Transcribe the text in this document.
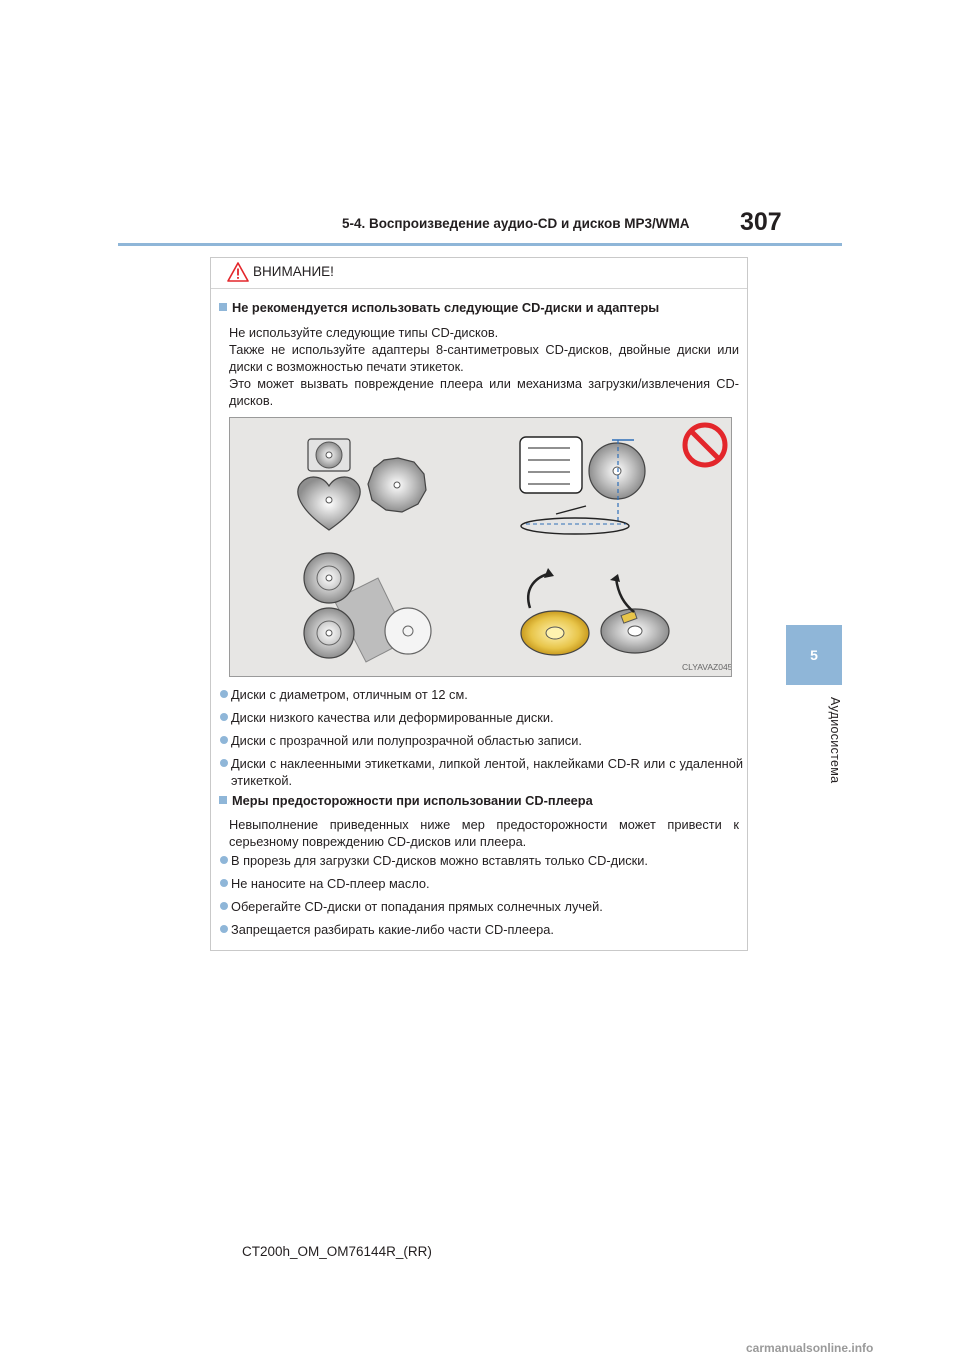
5-4. Воспроизведение аудио-CD и дисков MP3/WMA	307
5
Аудиосистема
ВНИМАНИЕ!
Не рекомендуется использовать следующие CD-диски и адаптеры

Не используйте следующие типы CD-дисков.

Также не используйте адаптеры 8-сантиметровых CD-дисков, двойные диски или диски с возможностью печати этикеток.

Это может вызвать повреждение плеера или механизма загрузки/извлечения CD-дисков.

CLYAVAZ045

Диски с диаметром, отличным от 12 см.

Диски низкого качества или деформированные диски.

Диски с прозрачной или полупрозрачной областью записи.

Диски с наклеенными этикетками, липкой лентой, наклейками CD-R или с удаленной этикеткой.

Меры предосторожности при использовании CD-плеера

Невыполнение приведенных ниже мер предосторожности может привести к серьезному повреждению CD-дисков или плеера.

В прорезь для загрузки CD-дисков можно вставлять только CD-диски.

Не наносите на CD-плеер масло.

Оберегайте CD-диски от попадания прямых солнечных лучей.

Запрещается разбирать какие-либо части CD-плеера.

CT200h_OM_OM76144R_(RR)
carmanualsonline.info
